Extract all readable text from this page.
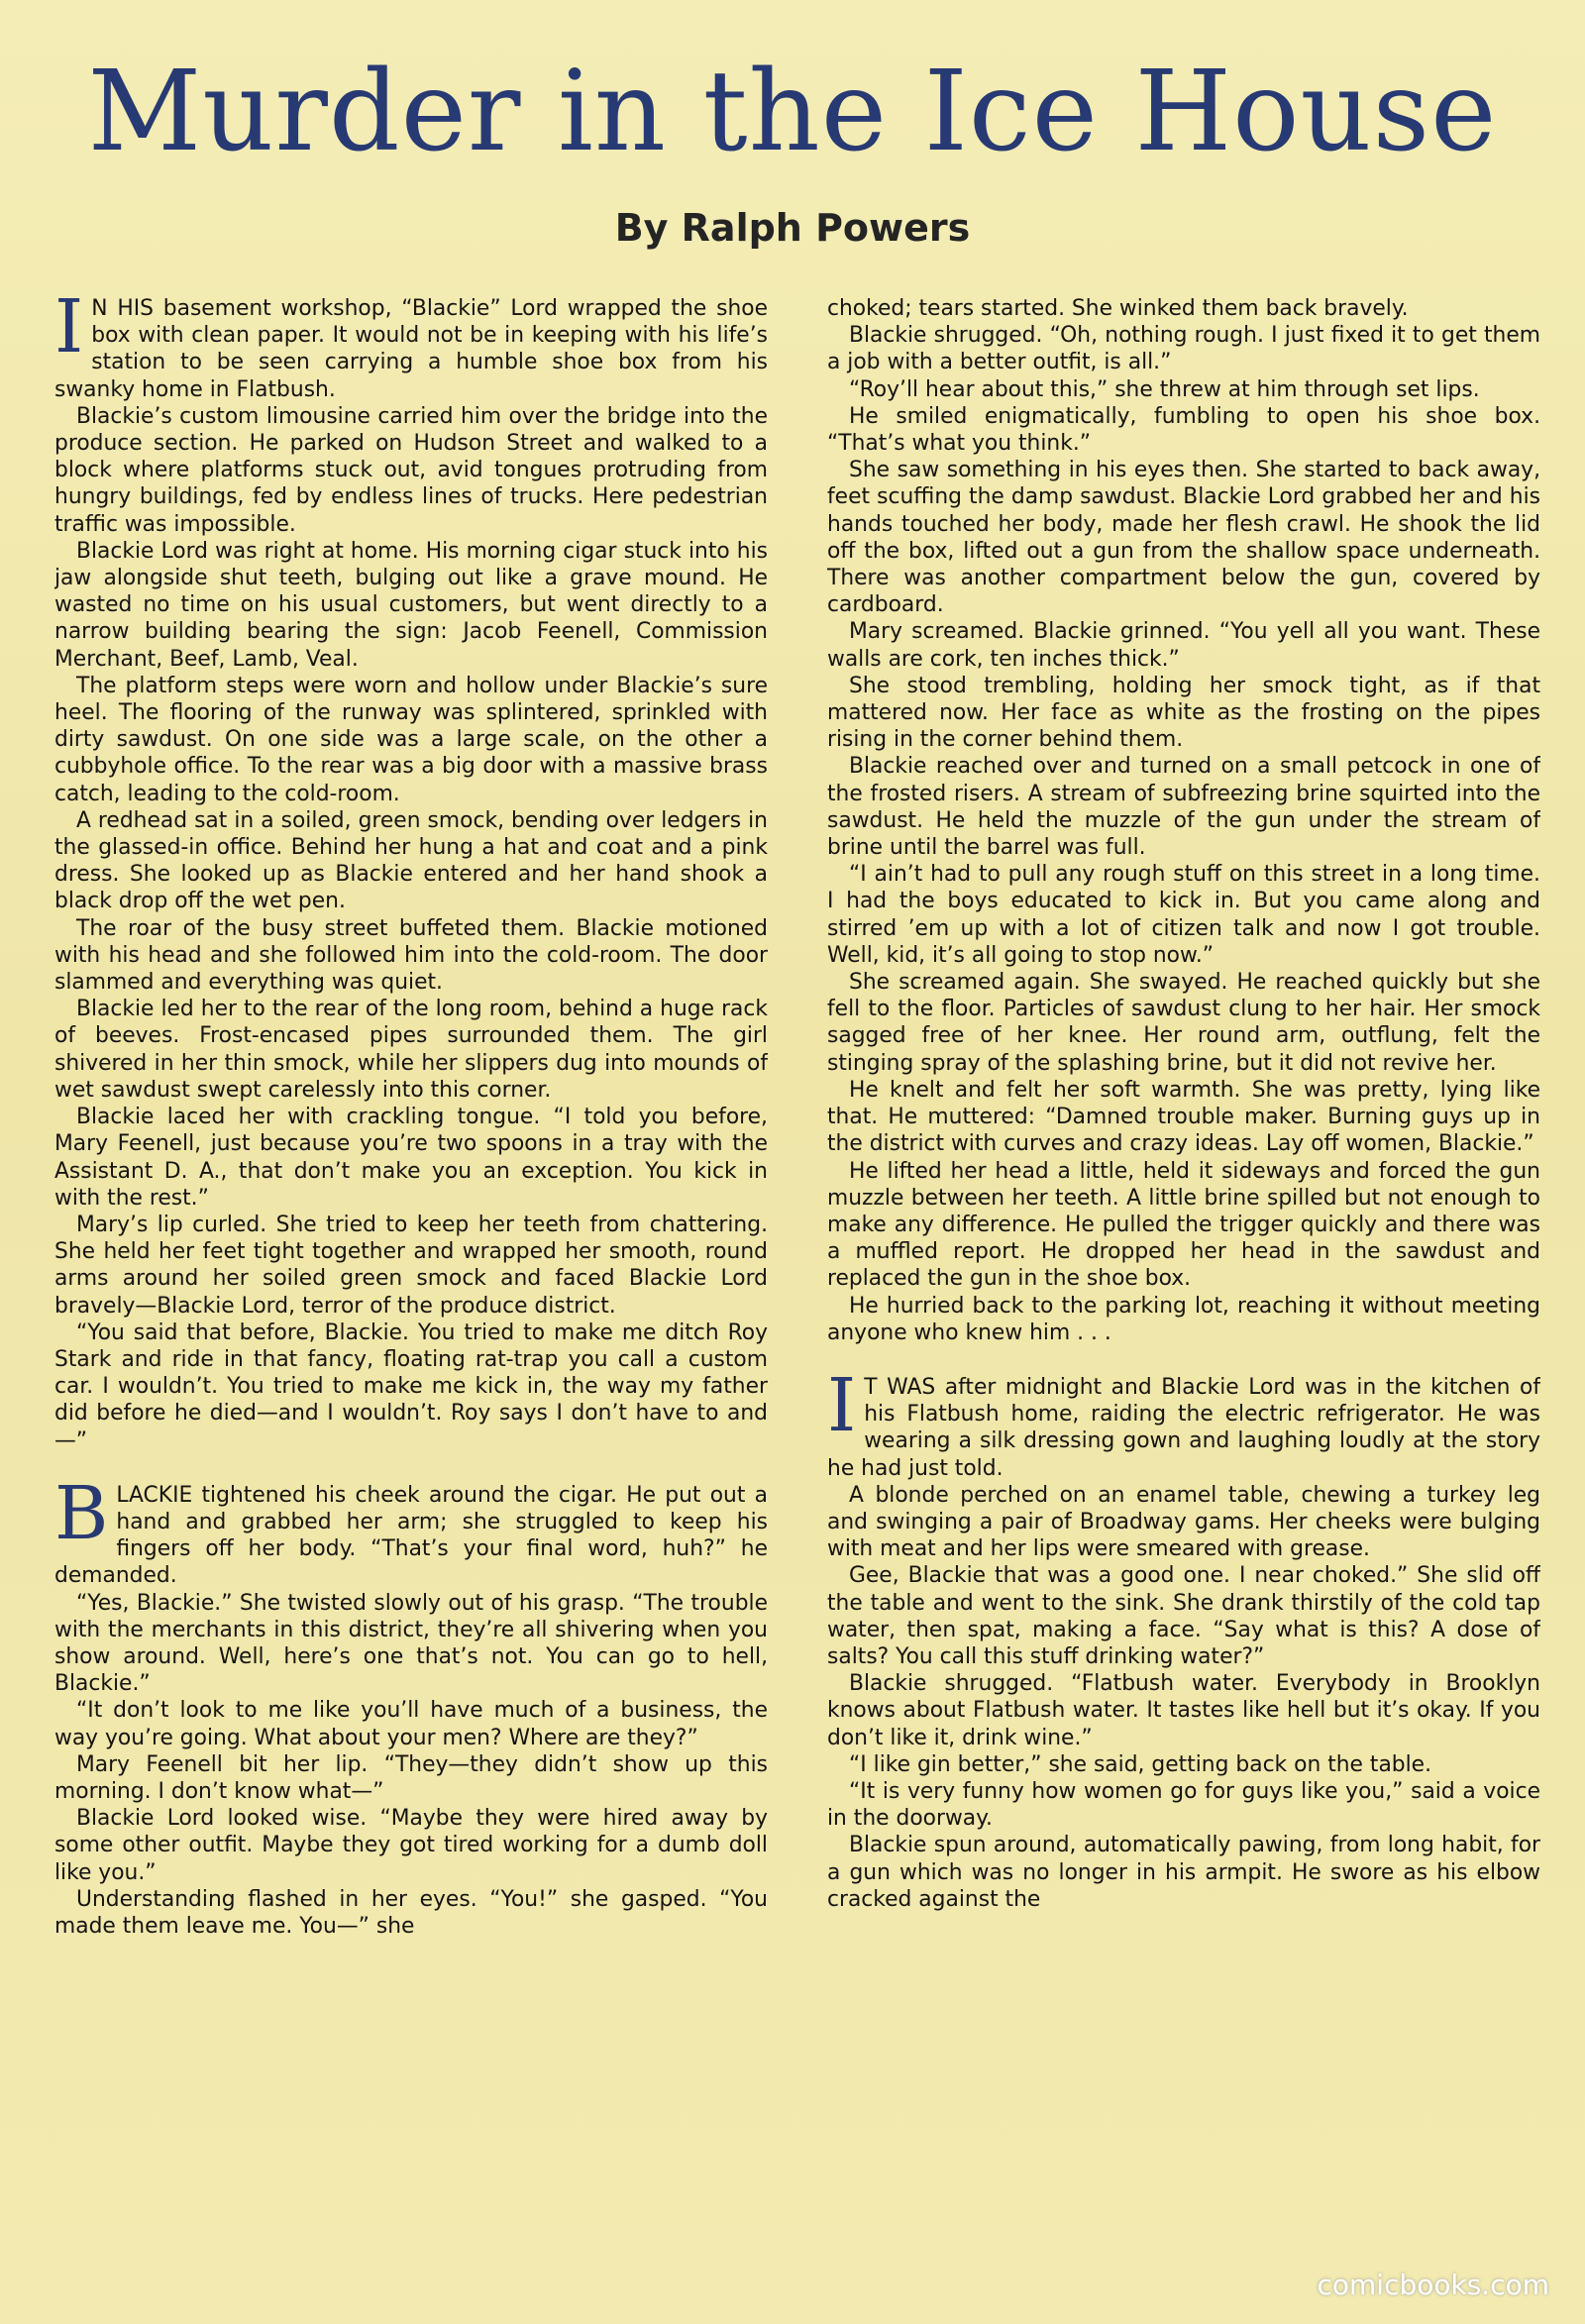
Murder in the Ice House
By Ralph Powers

I N HIS basement workshop, “Blackie” Lord wrapped the shoe box with clean paper. It would not be in keeping with his life’s station to be seen carrying a humble shoe box from his swanky home in Flatbush.

Blackie’s custom limousine carried him over the bridge into the produce section. He parked on Hudson Street and walked to a block where platforms stuck out, avid tongues protruding from hungry buildings, fed by endless lines of trucks. Here pedestrian traffic was impossible.

Blackie Lord was right at home. His morning cigar stuck into his jaw alongside shut teeth, bulging out like a grave mound. He wasted no time on his usual customers, but went directly to a narrow building bearing the sign: Jacob Feenell, Commission Merchant, Beef, Lamb, Veal.

The platform steps were worn and hollow under Blackie’s sure heel. The flooring of the runway was splintered, sprinkled with dirty sawdust. On one side was a large scale, on the other a cubbyhole office. To the rear was a big door with a massive brass catch, leading to the cold-room.

A redhead sat in a soiled, green smock, bending over ledgers in the glassed-in office. Behind her hung a hat and coat and a pink dress. She looked up as Blackie entered and her hand shook a black drop off the wet pen.

The roar of the busy street buffeted them. Blackie motioned with his head and she followed him into the cold-room. The door slammed and everything was quiet.

Blackie led her to the rear of the long room, behind a huge rack of beeves. Frost-encased pipes surrounded them. The girl shivered in her thin smock, while her slippers dug into mounds of wet sawdust swept carelessly into this corner.

Blackie laced her with crackling tongue. “I told you before, Mary Feenell, just because you’re two spoons in a tray with the Assistant D. A., that don’t make you an exception. You kick in with the rest.”

Mary’s lip curled. She tried to keep her teeth from chattering. She held her feet tight together and wrapped her smooth, round arms around her soiled green smock and faced Blackie Lord bravely—Blackie Lord, terror of the produce district.

“You said that before, Blackie. You tried to make me ditch Roy Stark and ride in that fancy, floating rat-trap you call a custom car. I wouldn’t. You tried to make me kick in, the way my father did before he died—and I wouldn’t. Roy says I don’t have to and—”

BLACKIE tightened his cheek around the cigar. He put out a hand and grabbed her arm; she struggled to keep his fingers off her body. “That’s your final word, huh?” he demanded.

“Yes, Blackie.” She twisted slowly out of his grasp. “The trouble with the merchants in this district, they’re all shivering when you show around. Well, here’s one that’s not. You can go to hell, Blackie.”

“It don’t look to me like you’ll have much of a business, the way you’re going. What about your men? Where are they?”

Mary Feenell bit her lip. “They—they didn’t show up this morning. I don’t know what—”

Blackie Lord looked wise. “Maybe they were hired away by some other outfit. Maybe they got tired working for a dumb doll like you.”

Understanding flashed in her eyes. “You!” she gasped. “You made them leave me. You—” she

choked; tears started. She winked them back bravely.

Blackie shrugged. “Oh, nothing rough. I just fixed it to get them a job with a better outfit, is all.”

“Roy’ll hear about this,” she threw at him through set lips.

He smiled enigmatically, fumbling to open his shoe box. “That’s what you think.”

She saw something in his eyes then. She started to back away, feet scuffing the damp sawdust. Blackie Lord grabbed her and his hands touched her body, made her flesh crawl. He shook the lid off the box, lifted out a gun from the shallow space underneath. There was another compartment below the gun, covered by cardboard.

Mary screamed. Blackie grinned. “You yell all you want. These walls are cork, ten inches thick.”

She stood trembling, holding her smock tight, as if that mattered now. Her face as white as the frosting on the pipes rising in the corner behind them.

Blackie reached over and turned on a small petcock in one of the frosted risers. A stream of subfreezing brine squirted into the sawdust. He held the muzzle of the gun under the stream of brine until the barrel was full.

“I ain’t had to pull any rough stuff on this street in a long time. I had the boys educated to kick in. But you came along and stirred ’em up with a lot of citizen talk and now I got trouble. Well, kid, it’s all going to stop now.”

She screamed again. She swayed. He reached quickly but she fell to the floor. Particles of sawdust clung to her hair. Her smock sagged free of her knee. Her round arm, outflung, felt the stinging spray of the splashing brine, but it did not revive her.

He knelt and felt her soft warmth. She was pretty, lying like that. He muttered: “Damned trouble maker. Burning guys up in the district with curves and crazy ideas. Lay off women, Blackie.”

He lifted her head a little, held it sideways and forced the gun muzzle between her teeth. A little brine spilled but not enough to make any difference. He pulled the trigger quickly and there was a muffled report. He dropped her head in the sawdust and replaced the gun in the shoe box.

He hurried back to the parking lot, reaching it without meeting anyone who knew him . . .

I T WAS after midnight and Blackie Lord was in the kitchen of his Flatbush home, raiding the electric refrigerator. He was wearing a silk dressing gown and laughing loudly at the story he had just told.

A blonde perched on an enamel table, chewing a turkey leg and swinging a pair of Broadway gams. Her cheeks were bulging with meat and her lips were smeared with grease.

Gee, Blackie that was a good one. I near choked.” She slid off the table and went to the sink. She drank thirstily of the cold tap water, then spat, making a face. “Say what is this? A dose of salts? You call this stuff drinking water?”

Blackie shrugged. “Flatbush water. Everybody in Brooklyn knows about Flatbush water. It tastes like hell but it’s okay. If you don’t like it, drink wine.”

“I like gin better,” she said, getting back on the table.

“It is very funny how women go for guys like you,” said a voice in the doorway.

Blackie spun around, automatically pawing, from long habit, for a gun which was no longer in his armpit. He swore as his elbow cracked against the

comicbooks.com
